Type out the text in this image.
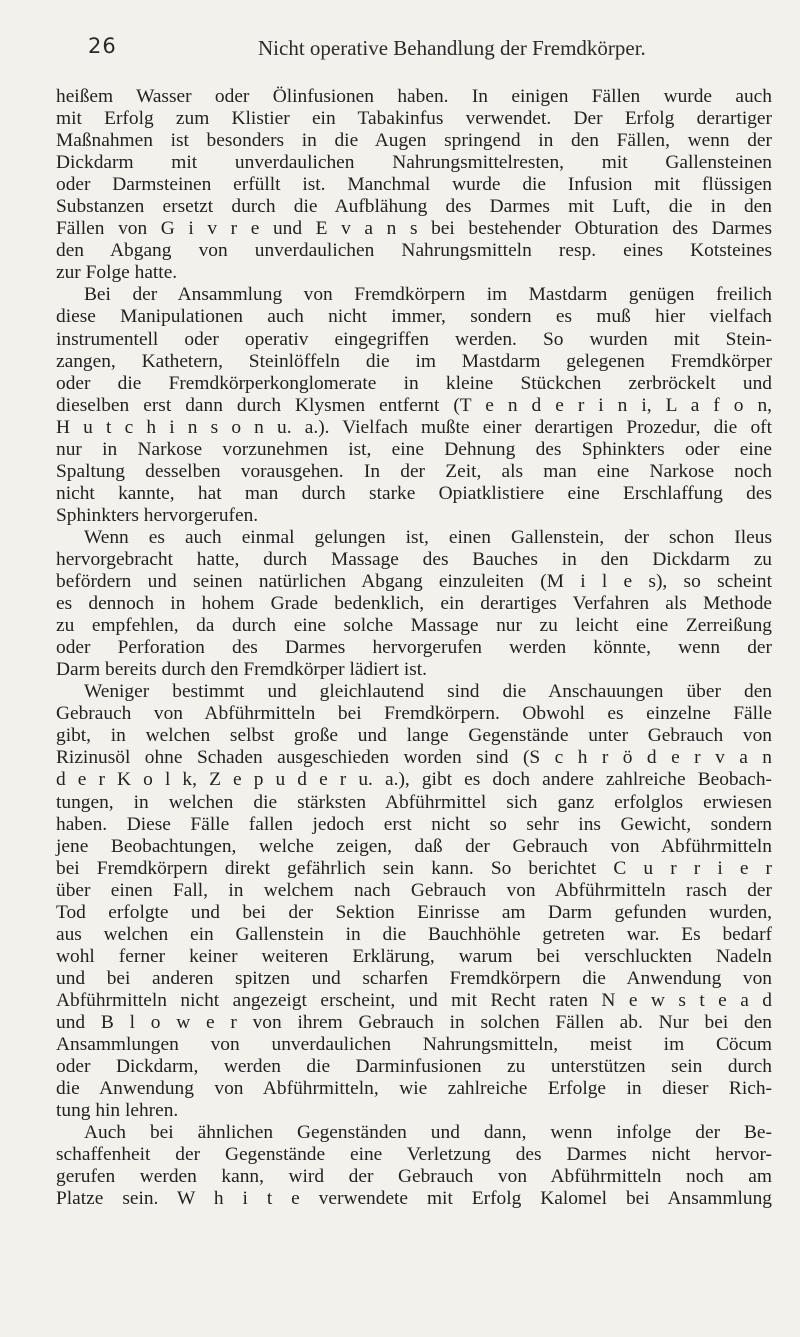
26	Nicht operative Behandlung der Fremdkörper.
heißem Wasser oder Ölinfusionen haben. In einigen Fällen wurde auch
mit Erfolg zum Klistier ein Tabakinfus verwendet. Der Erfolg derartiger
Maßnahmen ist besonders in die Augen springend in den Fällen, wenn der
Dickdarm mit unverdaulichen Nahrungsmittelresten, mit Gallensteinen
oder Darmsteinen erfüllt ist. Manchmal wurde die Infusion mit flüssigen
Substanzen ersetzt durch die Aufblähung des Darmes mit Luft, die in den
Fällen von G i v r e und E v a n s bei bestehender Obturation des Darmes
den Abgang von unverdaulichen Nahrungsmitteln resp. eines Kotsteines
zur Folge hatte.
Bei der Ansammlung von Fremdkörpern im Mastdarm genügen freilich
diese Manipulationen auch nicht immer, sondern es muß hier vielfach
instrumentell oder operativ eingegriffen werden. So wurden mit Stein-
zangen, Kathetern, Steinlöffeln die im Mastdarm gelegenen Fremdkörper
oder die Fremdkörperkonglomerate in kleine Stückchen zerbröckelt und
dieselben erst dann durch Klysmen entfernt (T e n d e r i n i, L a f o n,
H u t c h i n s o n u. a.). Vielfach mußte einer derartigen Prozedur, die oft
nur in Narkose vorzunehmen ist, eine Dehnung des Sphinkters oder eine
Spaltung desselben vorausgehen. In der Zeit, als man eine Narkose noch
nicht kannte, hat man durch starke Opiatklistiere eine Erschlaffung des
Sphinkters hervorgerufen.
Wenn es auch einmal gelungen ist, einen Gallenstein, der schon Ileus
hervorgebracht hatte, durch Massage des Bauches in den Dickdarm zu
befördern und seinen natürlichen Abgang einzuleiten (M i l e s), so scheint
es dennoch in hohem Grade bedenklich, ein derartiges Verfahren als Methode
zu empfehlen, da durch eine solche Massage nur zu leicht eine Zerreißung
oder Perforation des Darmes hervorgerufen werden könnte, wenn der
Darm bereits durch den Fremdkörper lädiert ist.
Weniger bestimmt und gleichlautend sind die Anschauungen über den
Gebrauch von Abführmitteln bei Fremdkörpern. Obwohl es einzelne Fälle
gibt, in welchen selbst große und lange Gegenstände unter Gebrauch von
Rizinusöl ohne Schaden ausgeschieden worden sind (S c h r ö d e r v a n
d e r K o l k, Z e p u d e r u. a.), gibt es doch andere zahlreiche Beobach-
tungen, in welchen die stärksten Abführmittel sich ganz erfolglos erwiesen
haben. Diese Fälle fallen jedoch erst nicht so sehr ins Gewicht, sondern
jene Beobachtungen, welche zeigen, daß der Gebrauch von Abführmitteln
bei Fremdkörpern direkt gefährlich sein kann. So berichtet C u r r i e r
über einen Fall, in welchem nach Gebrauch von Abführmitteln rasch der
Tod erfolgte und bei der Sektion Einrisse am Darm gefunden wurden,
aus welchen ein Gallenstein in die Bauchhöhle getreten war. Es bedarf
wohl ferner keiner weiteren Erklärung, warum bei verschluckten Nadeln
und bei anderen spitzen und scharfen Fremdkörpern die Anwendung von
Abführmitteln nicht angezeigt erscheint, und mit Recht raten N e w s t e a d
und B l o w e r von ihrem Gebrauch in solchen Fällen ab. Nur bei den
Ansammlungen von unverdaulichen Nahrungsmitteln, meist im Cöcum
oder Dickdarm, werden die Darminfusionen zu unterstützen sein durch
die Anwendung von Abführmitteln, wie zahlreiche Erfolge in dieser Rich-
tung hin lehren.
Auch bei ähnlichen Gegenständen und dann, wenn infolge der Be-
schaffenheit der Gegenstände eine Verletzung des Darmes nicht hervor-
gerufen werden kann, wird der Gebrauch von Abführmitteln noch am
Platze sein. W h i t e verwendete mit Erfolg Kalomel bei Ansammlung
